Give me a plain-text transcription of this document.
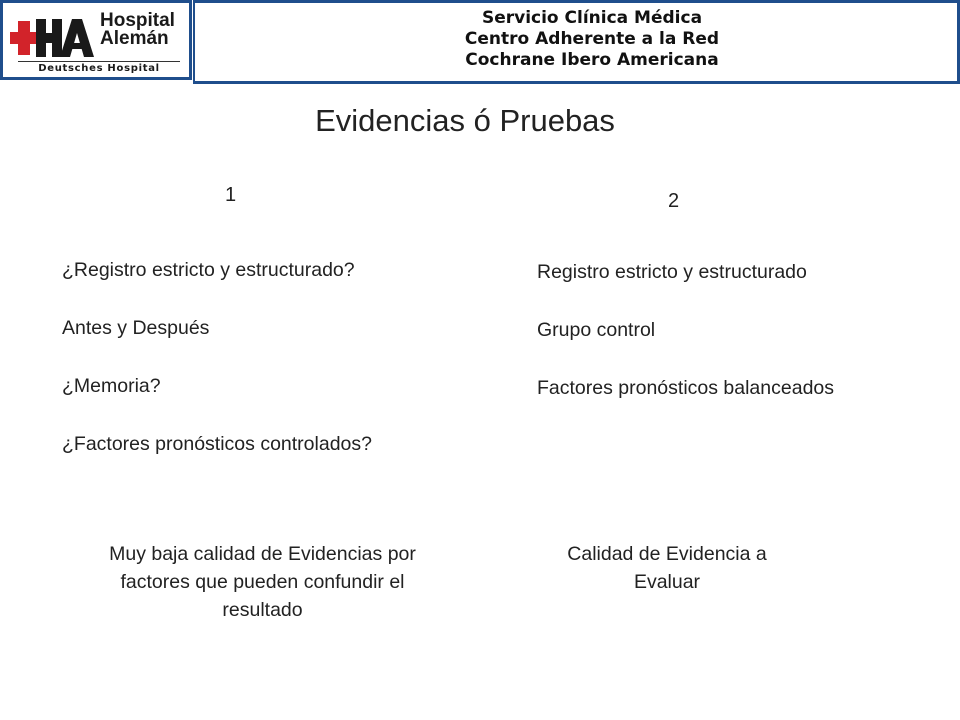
Hospital
Alemán
Deutsches Hospital
Servicio Clínica Médica
Centro Adherente a la Red
Cochrane Ibero Americana
Evidencias ó Pruebas
1	2

¿Registro estricto y estructurado?

Antes y Después

¿Memoria?

¿Factores pronósticos controlados?

Registro estricto y estructurado

Grupo control

Factores pronósticos balanceados

Muy baja calidad de Evidencias por factores que pueden confundir el resultado
Calidad de Evidencia a Evaluar
